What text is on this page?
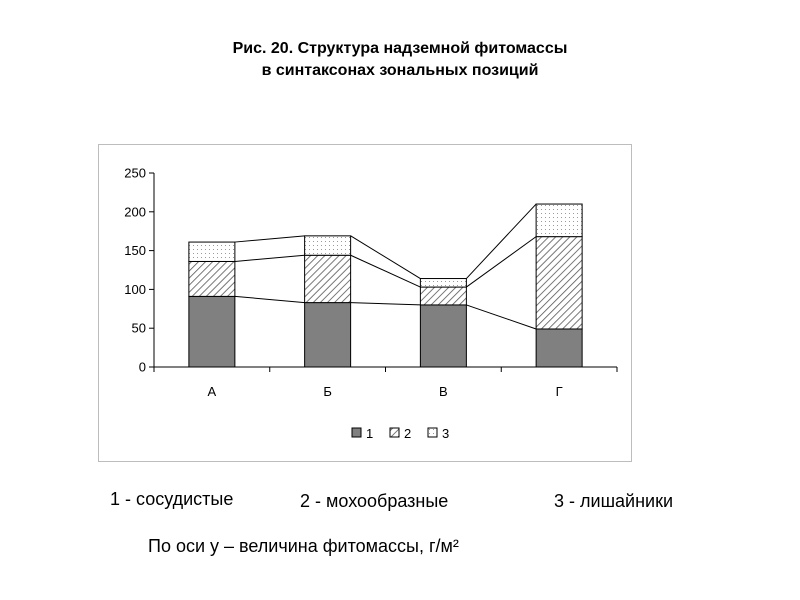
Рис. 20. Структура надземной фитомассы
в синтаксонах зональных позиций
0
50
100
150
200
250
А	Б	В	Г
1 2 3
1 - сосудистые	2 - мохообразные	3 - лишайники
По оси у – величина фитомассы, г/м²
